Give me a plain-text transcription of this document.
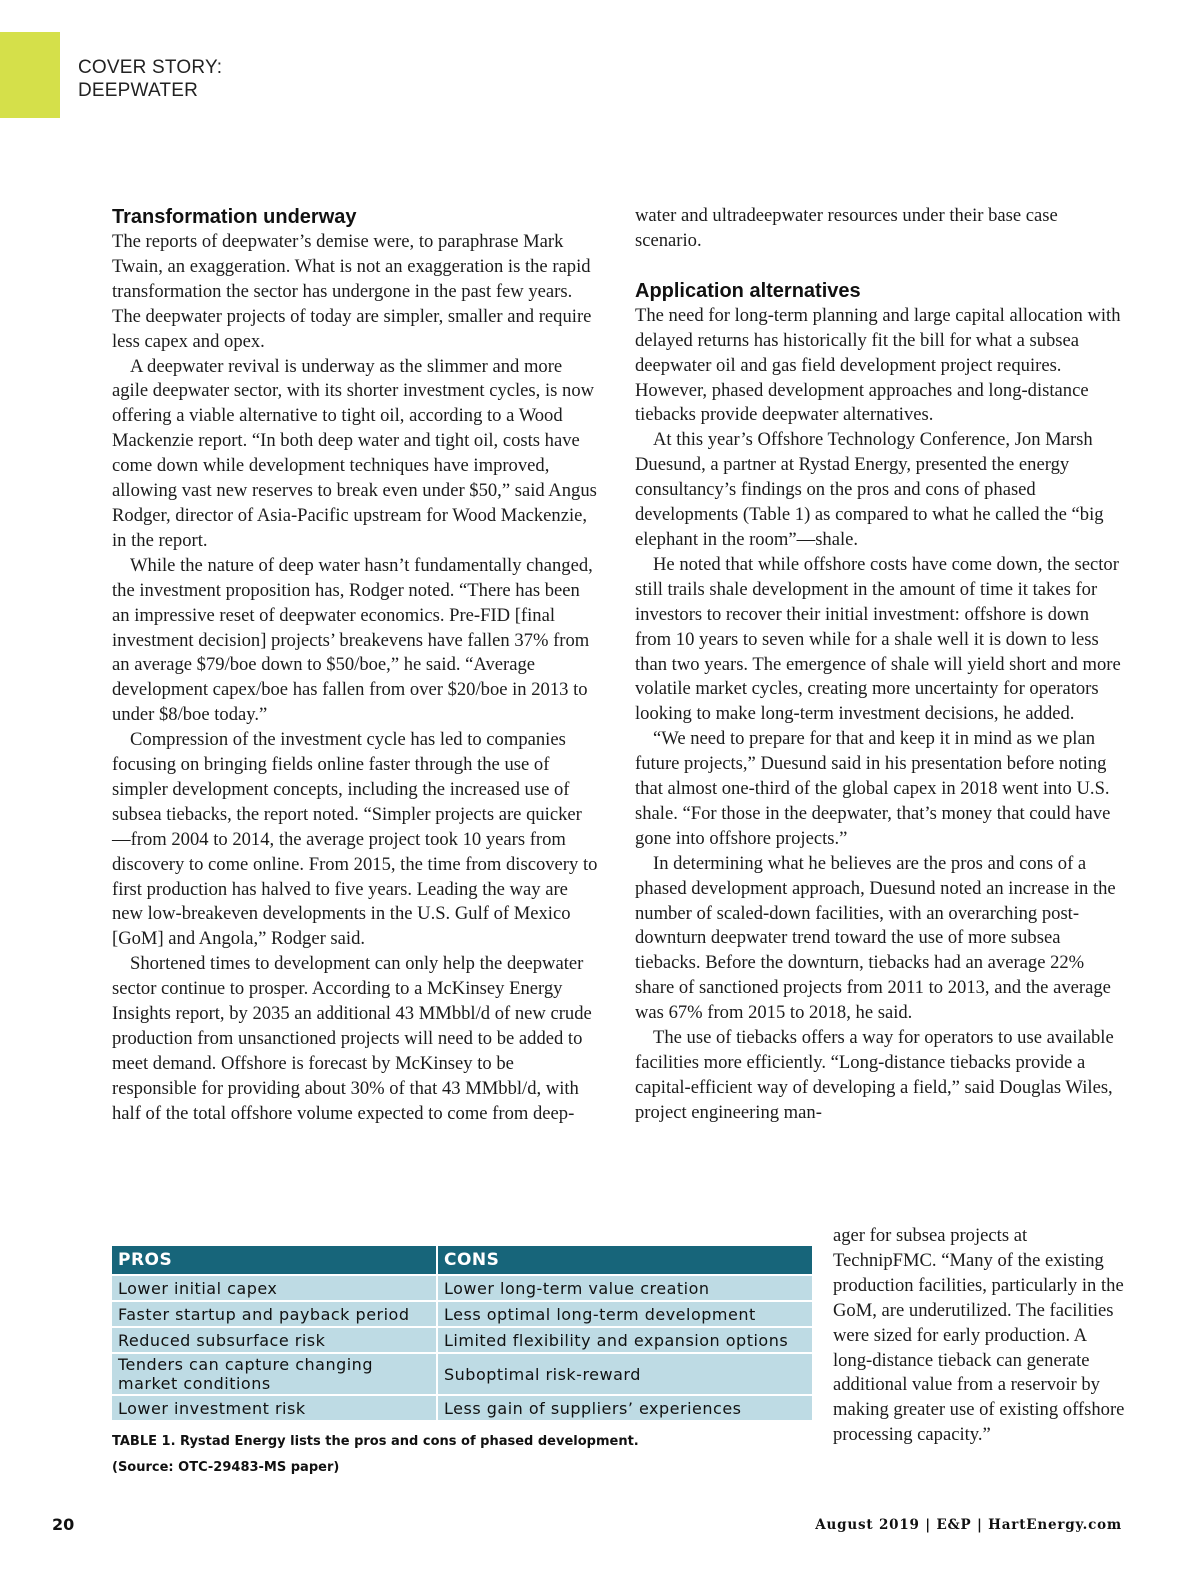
COVER STORY:
DEEPWATER
Transformation underway

The reports of deepwater’s demise were, to paraphrase Mark Twain, an exaggeration. What is not an exaggeration is the rapid transformation the sector has undergone in the past few years. The deepwater projects of today are simpler, smaller and require less capex and opex.

A deepwater revival is underway as the slimmer and more agile deepwater sector, with its shorter investment cycles, is now offering a viable alternative to tight oil, according to a Wood Mackenzie report. “In both deep water and tight oil, costs have come down while development techniques have improved, allowing vast new reserves to break even under $50,” said Angus Rodger, director of Asia-Pacific upstream for Wood Mackenzie, in the report.

While the nature of deep water hasn’t fundamentally changed, the investment proposition has, Rodger noted. “There has been an impressive reset of deepwater economics. Pre-FID [final investment decision] projects’ breakevens have fallen 37% from an average $79/boe down to $50/boe,” he said. “Average development capex/boe has fallen from over $20/boe in 2013 to under $8/boe today.”

Compression of the investment cycle has led to companies focusing on bringing fields online faster through the use of simpler development concepts, including the increased use of subsea tiebacks, the report noted. “Simpler projects are quicker—from 2004 to 2014, the average project took 10 years from discovery to come online. From 2015, the time from discovery to first production has halved to five years. Leading the way are new low-breakeven developments in the U.S. Gulf of Mexico [GoM] and Angola,” Rodger said.

Shortened times to development can only help the deepwater sector continue to prosper. According to a McKinsey Energy Insights report, by 2035 an additional 43 MMbbl/d of new crude production from unsanctioned projects will need to be added to meet demand. Offshore is forecast by McKinsey to be responsible for providing about 30% of that 43 MMbbl/d, with half of the total offshore volume expected to come from deep-

water and ultradeepwater resources under their base case scenario.

Application alternatives

The need for long-term planning and large capital allocation with delayed returns has historically fit the bill for what a subsea deepwater oil and gas field development project requires. However, phased development approaches and long-distance tiebacks provide deepwater alternatives.

At this year’s Offshore Technology Conference, Jon Marsh Duesund, a partner at Rystad Energy, presented the energy consultancy’s findings on the pros and cons of phased developments (Table 1) as compared to what he called the “big elephant in the room”—shale.

He noted that while offshore costs have come down, the sector still trails shale development in the amount of time it takes for investors to recover their initial investment: offshore is down from 10 years to seven while for a shale well it is down to less than two years. The emergence of shale will yield short and more volatile market cycles, creating more uncertainty for operators looking to make long-term investment decisions, he added.

“We need to prepare for that and keep it in mind as we plan future projects,” Duesund said in his presentation before noting that almost one-third of the global capex in 2018 went into U.S. shale. “For those in the deepwater, that’s money that could have gone into offshore projects.”

In determining what he believes are the pros and cons of a phased development approach, Duesund noted an increase in the number of scaled-down facilities, with an overarching post-downturn deepwater trend toward the use of more subsea tiebacks. Before the downturn, tiebacks had an average 22% share of sanctioned projects from 2011 to 2013, and the average was 67% from 2015 to 2018, he said.

The use of tiebacks offers a way for operators to use available facilities more efficiently. “Long-distance tiebacks provide a capital-efficient way of developing a field,” said Douglas Wiles, project engineering man-

ager for subsea projects at TechnipFMC. “Many of the existing production facilities, particularly in the GoM, are underutilized. The facilities were sized for early production. A long-distance tieback can generate additional value from a reservoir by making greater use of existing offshore processing capacity.”

PROS	CONS
Lower initial capex	Lower long-term value creation
Faster startup and payback period	Less optimal long-term development
Reduced subsurface risk	Limited flexibility and expansion options
Tenders can capture changing market conditions	Suboptimal risk-reward
Lower investment risk	Less gain of suppliers’ experiences
TABLE 1. Rystad Energy lists the pros and cons of phased development.
(Source: OTC-29483-MS paper)
20	August 2019 | E&P | HartEnergy.com
